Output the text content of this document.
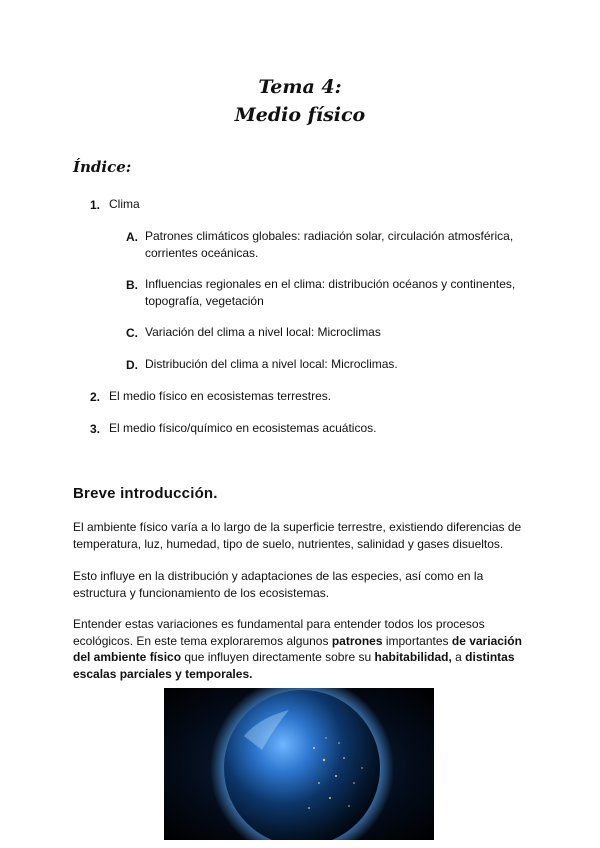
Tema 4:
Medio físico
Índice:
1. Clima
A. Patrones climáticos globales: radiación solar, circulación atmosférica,
corrientes oceánicas.
B. Influencias regionales en el clima: distribución océanos y continentes,
topografía, vegetación
C. Variación del clima a nivel local: Microclimas
D. Distribución del clima a nivel local: Microclimas.
2. El medio físico en ecosistemas terrestres.
3. El medio físico/químico en ecosistemas acuáticos.
Breve introducción.
El ambiente físico varía a lo largo de la superficie terrestre, existiendo diferencias de
temperatura, luz, humedad, tipo de suelo, nutrientes, salinidad y gases disueltos.
Esto influye en la distribución y adaptaciones de las especies, así como en la
estructura y funcionamiento de los ecosistemas.
Entender estas variaciones es fundamental para entender todos los procesos
ecológicos. En este tema exploraremos algunos patrones importantes de variación
del ambiente físico que influyen directamente sobre su habitabilidad, a distintas
escalas parciales y temporales.
